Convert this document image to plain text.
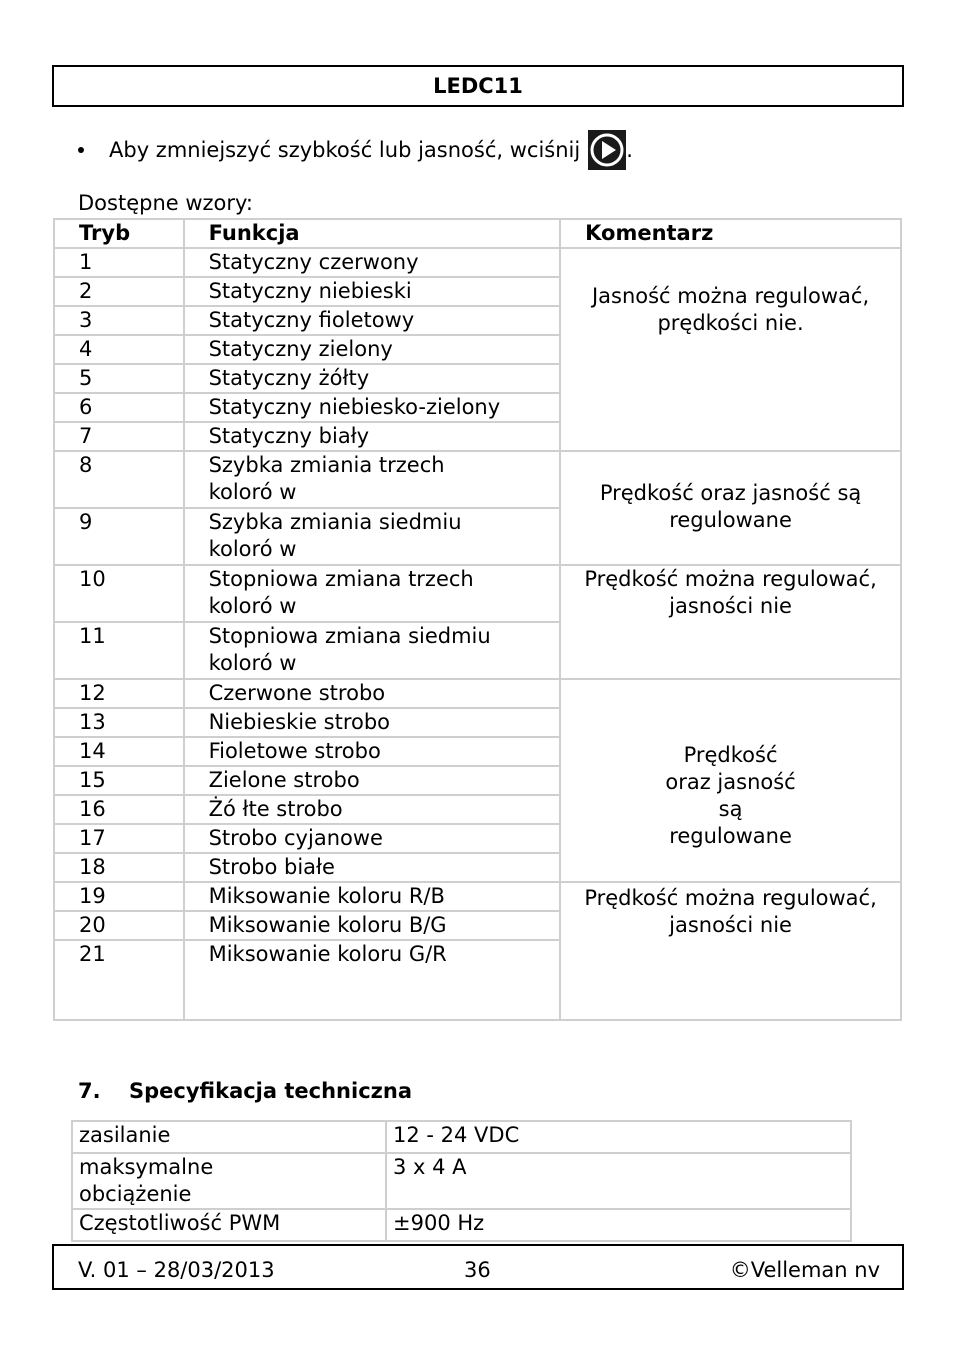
LEDC11
Aby zmniejszyć szybkość lub jasność, wciśnij .
Dostępne wzory:
Tryb	Funkcja	Komentarz
1	Statyczny czerwony	Jasność można regulować, prędkości nie.
2	Statyczny niebieski	
3	Statyczny fioletowy	
4	Statyczny zielony	
5	Statyczny żółty	
6	Statyczny niebiesko-zielony	
7	Statyczny biały	
8	Szybka zmiania trzech koloró w	Prędkość oraz jasność są regulowane
9	Szybka zmiania siedmiu koloró w	
10	Stopniowa zmiana trzech koloró w	Prędkość można regulować, jasności nie
11	Stopniowa zmiana siedmiu koloró w	
12	Czerwone strobo	Prędkość oraz jasność są regulowane
13	Niebieskie strobo	
14	Fioletowe strobo	
15	Zielone strobo	
16	Żó łte strobo	
17	Strobo cyjanowe	
18	Strobo białe	
19	Miksowanie koloru R/B	Prędkość można regulować, jasności nie
20	Miksowanie koloru B/G	
21	Miksowanie koloru G/R	
7. Specyfikacja techniczna
zasilanie	12 - 24 VDC
maksymalne obciążenie	3 x 4 A
Częstotliwość PWM	±900 Hz
V. 01 – 28/03/2013	36	©Velleman nv
